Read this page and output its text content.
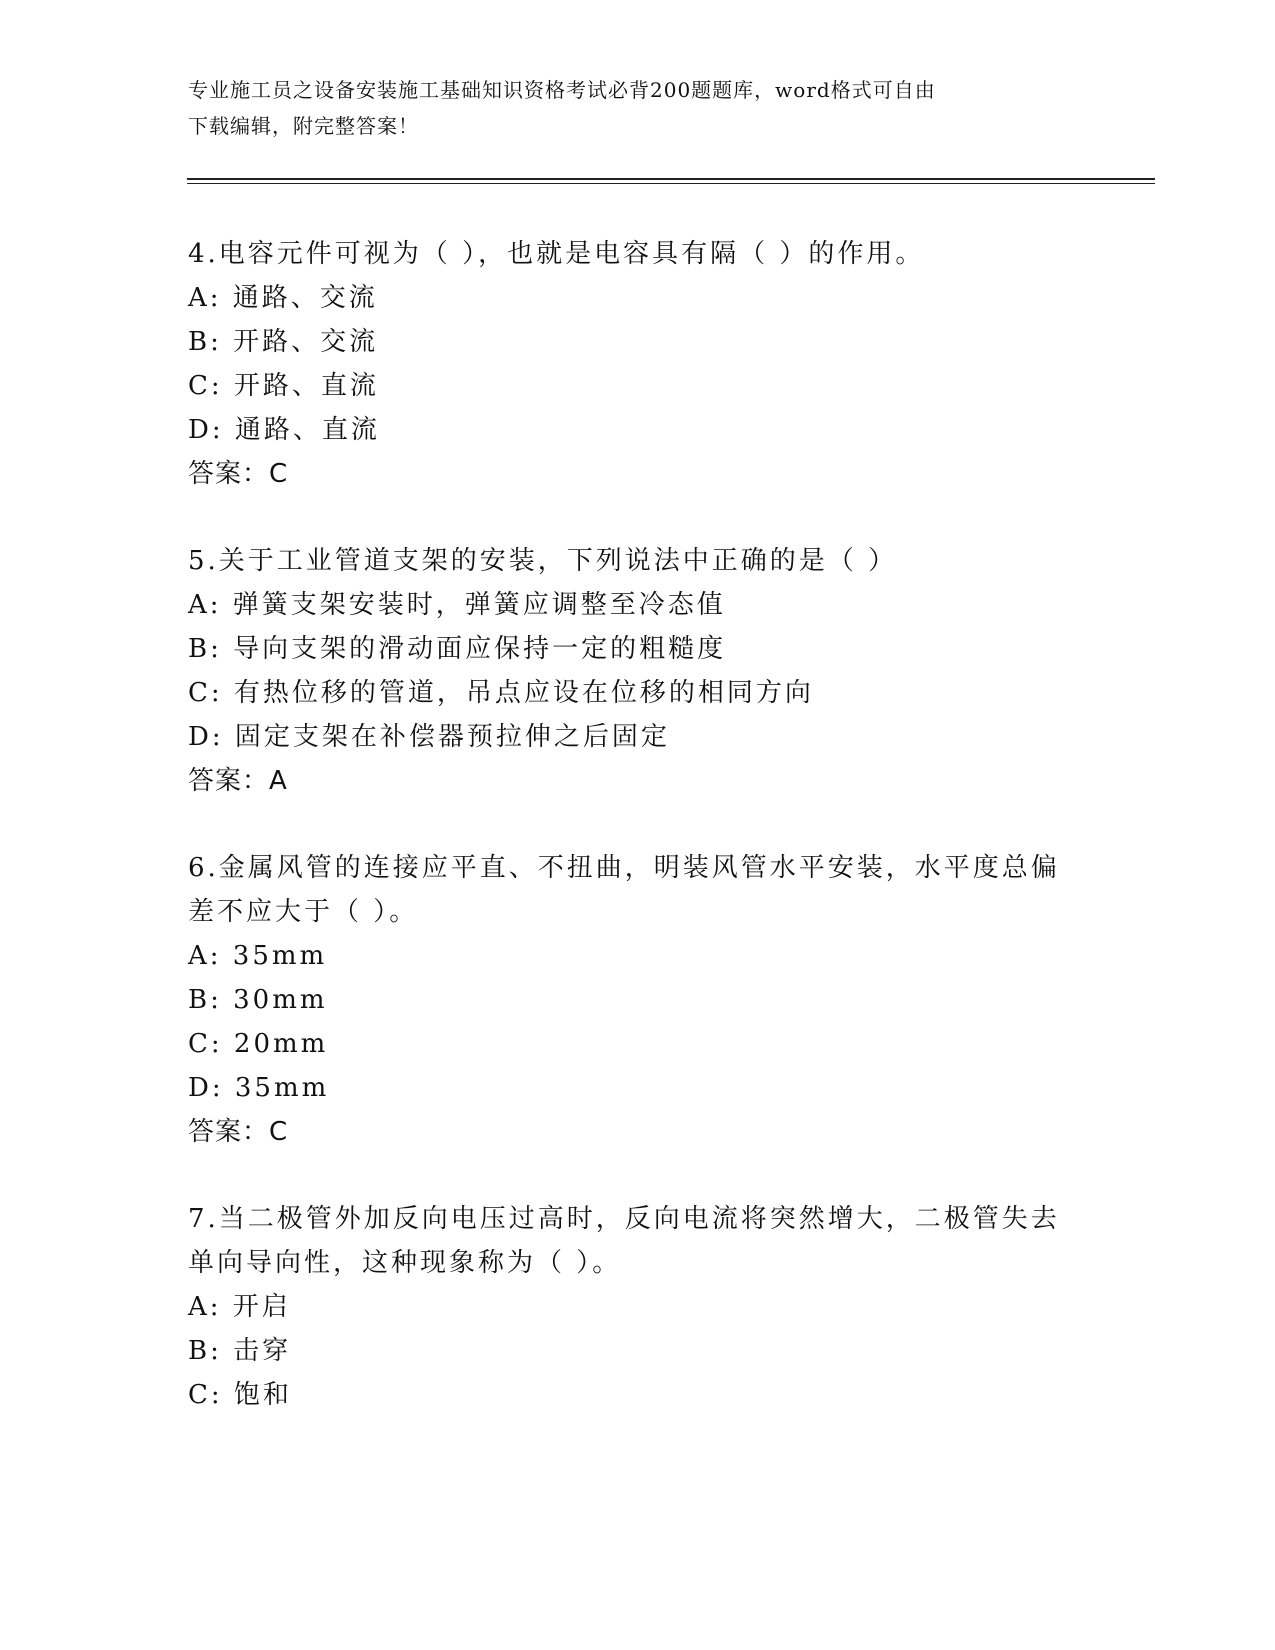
专业施工员之设备安装施工基础知识资格考试必背200题题库，word格式可自由
下载编辑，附完整答案！
4.电容元件可视为（ ），也就是电容具有隔（ ）的作用。
A: 通路、交流
B: 开路、交流
C: 开路、直流
D: 通路、直流
答案：C
5.关于工业管道支架的安装，下列说法中正确的是（ ）
A: 弹簧支架安装时，弹簧应调整至冷态值
B: 导向支架的滑动面应保持一定的粗糙度
C: 有热位移的管道，吊点应设在位移的相同方向
D: 固定支架在补偿器预拉伸之后固定
答案：A
6.金属风管的连接应平直、不扭曲，明装风管水平安装，水平度总偏
差不应大于（ ）。
A: 35mm
B: 30mm
C: 20mm
D: 35mm
答案：C
7.当二极管外加反向电压过高时，反向电流将突然增大，二极管失去
单向导向性，这种现象称为（ ）。
A: 开启
B: 击穿
C: 饱和
